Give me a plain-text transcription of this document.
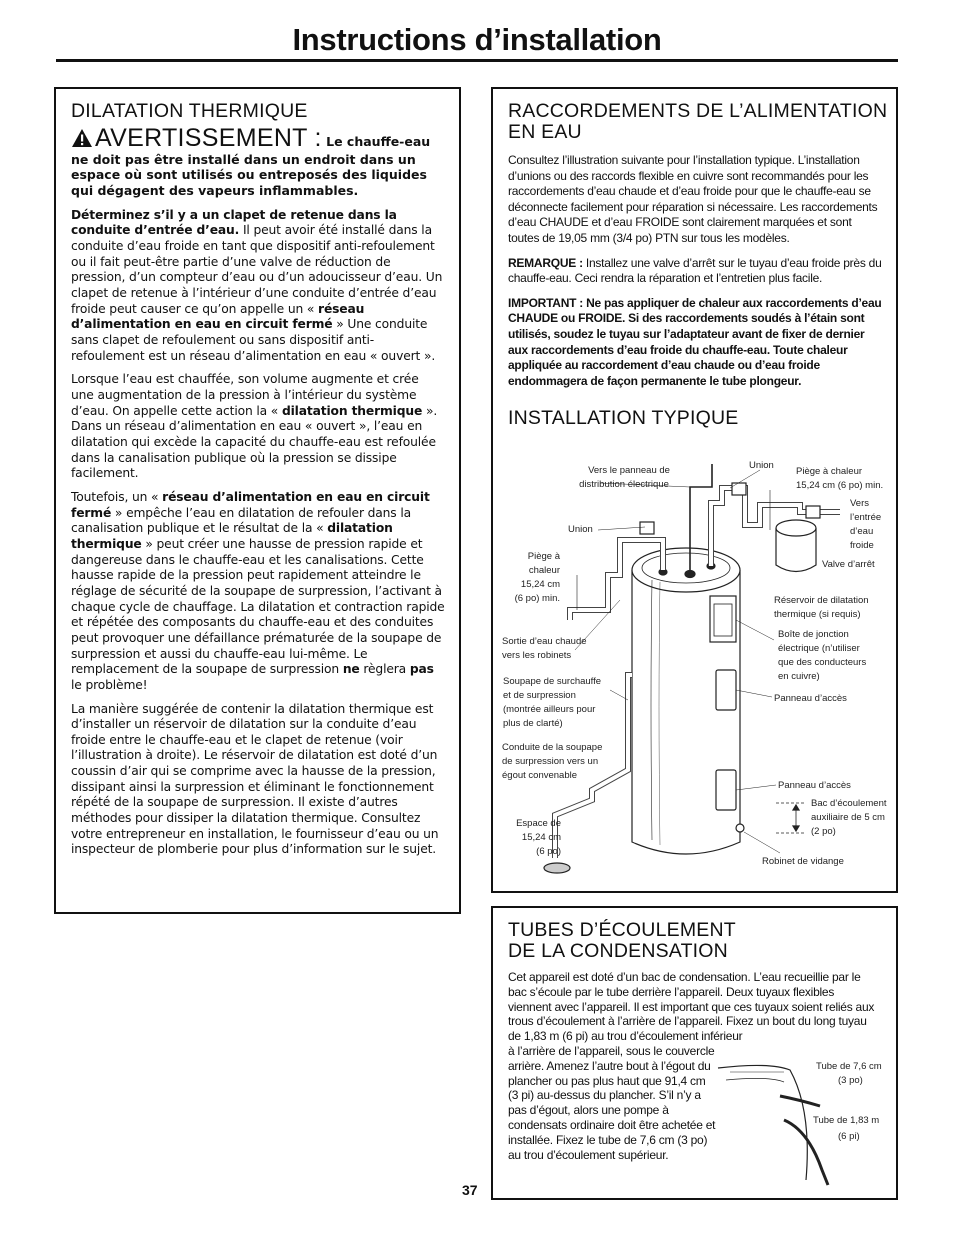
Instructions d’installation
DILATATION THERMIQUE
AVERTISSEMENT : Le chauffe-eau ne doit pas être installé dans un endroit dans un espace où sont utilisés ou entreposés des liquides qui dégagent des vapeurs inflammables.

Déterminez s’il y a un clapet de retenue dans la conduite d’entrée d’eau. Il peut avoir été installé dans la conduite d’eau froide en tant que dispositif anti-refoulement ou il fait peut-être partie d’une valve de réduction de pression, d’un compteur d’eau ou d’un adoucisseur d’eau. Un clapet de retenue à l’intérieur d’une conduite d’entrée d’eau froide peut causer ce qu’on appelle un « réseau d’alimentation en eau en circuit fermé » Une conduite sans clapet de refoulement ou sans dispositif anti-refoulement est un réseau d’alimentation en eau « ouvert ».

Lorsque l’eau est chauffée, son volume augmente et crée une augmentation de la pression à l’intérieur du système d’eau. On appelle cette action la « dilatation thermique ». Dans un réseau d’alimentation en eau « ouvert », l’eau en dilatation qui excède la capacité du chauffe-eau est refoulée dans la canalisation publique où la pression se dissipe facilement.

Toutefois, un « réseau d’alimentation en eau en circuit fermé » empêche l’eau en dilatation de refouler dans la canalisation publique et le résultat de la « dilatation thermique » peut créer une hausse de pression rapide et dangereuse dans le chauffe-eau et les canalisations. Cette hausse rapide de la pression peut rapidement atteindre le réglage de sécurité de la soupape de surpression, l’activant à chaque cycle de chauffage. La dilatation et contraction rapide et répétée des composants du chauffe-eau et des conduites peut provoquer une défaillance prématurée de la soupape de surpression et aussi du chauffe-eau lui-même. Le remplacement de la soupape de surpression ne règlera pas le problème!

La manière suggérée de contenir la dilatation thermique est d’installer un réservoir de dilatation sur la conduite d’eau froide entre le chauffe-eau et le clapet de retenue (voir l’illustration à droite). Le réservoir de dilatation est doté d’un coussin d’air qui se comprime avec la hausse de la pression, dissipant ainsi la surpression et éliminant le fonctionnement répété de la soupape de surpression. Il existe d’autres méthodes pour dissiper la dilatation thermique. Consultez votre entrepreneur en installation, le fournisseur d’eau ou un inspecteur de plomberie pour plus d’information sur le sujet.

RACCORDEMENTS DE L’ALIMENTATION EN EAU

Consultez l’illustration suivante pour l’installation typique. L’installation d’unions ou des raccords flexible en cuivre sont recommandés pour les raccordements d’eau chaude et d’eau froide pour que le chauffe-eau se déconnecte facilement pour réparation si nécessaire. Les raccordements d’eau CHAUDE et d’eau FROIDE sont clairement marquées et sont toutes de 19,05 mm (3/4 po) PTN sur tous les modèles.

REMARQUE : Installez une valve d’arrêt sur le tuyau d’eau froide près du chauffe-eau. Ceci rendra la réparation et l’entretien plus facile.

IMPORTANT : Ne pas appliquer de chaleur aux raccordements d’eau CHAUDE ou FROIDE. Si des raccordements soudés à l’étain sont utilisés, soudez le tuyau sur l’adaptateur avant de fixer de dernier aux raccordements d’eau froide du chauffe-eau. Toute chaleur appliquée au raccordement d’eau chaude ou d’eau froide endommagera de façon permanente le tube plongeur.

INSTALLATION TYPIQUE
Vers le panneau de
distribution électrique
Union
Piège à chaleur
15,24 cm (6 po) min.
Vers
l’entrée
d’eau
froide
Union
Piège à
chaleur
15,24 cm
(6 po) min.
Valve d’arrêt
Réservoir de dilatation
thermique (si requis)
Sortie d’eau chaude
vers les robinets
Boîte de jonction
électrique (n’utiliser
que des conducteurs
en cuivre)
Soupape de surchauffe
et de surpression
(montrée ailleurs pour
plus de clarté)
Panneau d’accès
Conduite de la soupape
de surpression vers un
égout convenable
Panneau d’accès
Bac d’écoulement
auxiliaire de 5 cm
(2 po)
Espace de
15,24 cm
(6 po)
Robinet de vidange
TUBES D’ÉCOULEMENT
DE LA CONDENSATION
Cet appareil est doté d’un bac de condensation. L’eau recueillie par le bac s’écoule par le tube derrière l’appareil. Deux tuyaux flexibles viennent avec l’appareil. Il est important que ces tuyaux soient reliés aux trous d’écoulement à l’arrière de l’appareil. Fixez un bout du long tuyau de 1,83 m (6 pi) au trou d’écoulement inférieur
à l’arrière de l’appareil, sous le couvercle arrière. Amenez l’autre bout à l’égout du plancher ou pas plus haut que 91,4 cm (3 pi) au-dessus du plancher. S’il n’y a pas d’égout, alors une pompe à condensats ordinaire doit être achetée et installée. Fixez le tube de 7,6 cm (3 po) au trou d’écoulement supérieur.
Tube de 7,6 cm
(3 po)
Tube de 1,83 m
(6 pi)
37
